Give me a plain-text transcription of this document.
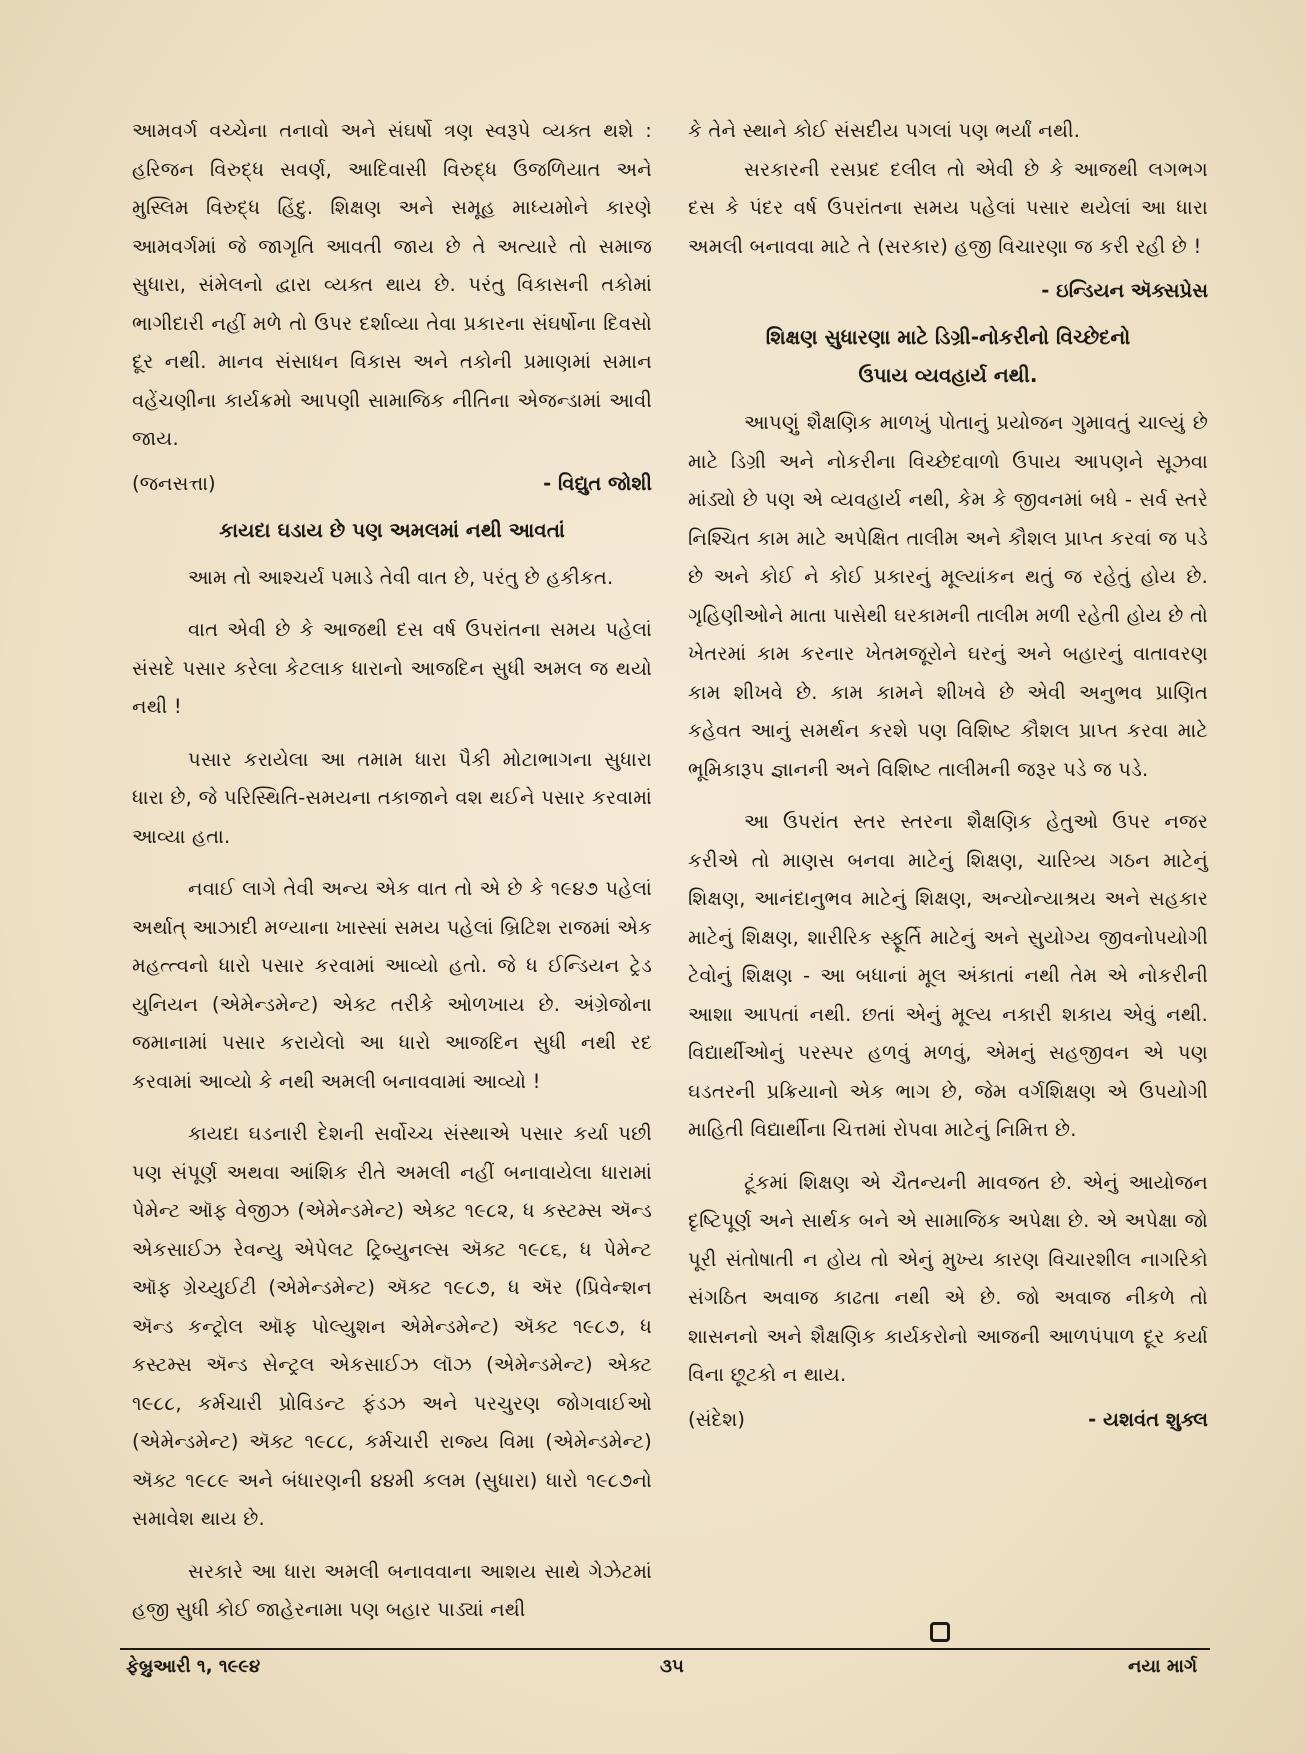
આમવર્ગ વચ્ચેના તનાવો અને સંઘર્ષો ત્રણ સ્વરૂપે વ્યક્ત થશે : હરિજન વિરુદ્ધ સવર્ણ, આદિવાસી વિરુદ્ધ ઉજળિયાત અને મુસ્લિમ વિરુદ્ધ હિંદુ. શિક્ષણ અને સમૂહ માધ્યમોને કારણે આમવર્ગમાં જે જાગૃતિ આવતી જાય છે તે અત્યારે તો સમાજ સુધારા, સંમેલનો દ્વારા વ્યક્ત થાય છે. પરંતુ વિકાસની તકોમાં ભાગીદારી નહીં મળે તો ઉપર દર્શાવ્યા તેવા પ્રકારના સંઘર્ષોના દિવસો દૂર નથી. માનવ સંસાધન વિકાસ અને તકોની પ્રમાણમાં સમાન વહેંચણીના કાર્યક્રમો આપણી સામાજિક નીતિના એજન્ડામાં આવી જાય.

(જનસત્તા)	- વિદ્યુત જોશી
કાયદા ઘડાય છે પણ અમલમાં નથી આવતાં

આમ તો આશ્ચર્ય પમાડે તેવી વાત છે, પરંતુ છે હકીકત.

વાત એવી છે કે આજથી દસ વર્ષ ઉપરાંતના સમય પહેલાં સંસદે પસાર કરેલા કેટલાક ધારાનો આજદિન સુધી અમલ જ થયો નથી !

પસાર કરાયેલા આ તમામ ધારા પૈકી મોટાભાગના સુધારા ધારા છે, જે પરિસ્થિતિ-સમયના તકાજાને વશ થઈને પસાર કરવામાં આવ્યા હતા.

નવાઈ લાગે તેવી અન્ય એક વાત તો એ છે કે ૧૯૪૭ પહેલાં અર્થાત્ આઝાદી મળ્યાના ખાસ્સાં સમય પહેલાં બ્રિટિશ રાજમાં એક મહત્ત્વનો ધારો પસાર કરવામાં આવ્યો હતો. જે ધ ઈન્ડિયન ટ્રેડ યુનિયન (એમેન્ડમેન્ટ) એક્ટ તરીકે ઓળખાય છે. અંગ્રેજોના જમાનામાં પસાર કરાયેલો આ ધારો આજદિન સુધી નથી રદ કરવામાં આવ્યો કે નથી અમલી બનાવવામાં આવ્યો !

કાયદા ઘડનારી દેશની સર્વોચ્ચ સંસ્થાએ પસાર કર્યા પછી પણ સંપૂર્ણ અથવા આંશિક રીતે અમલી નહીં બનાવાયેલા ધારામાં પેમેન્ટ ઑફ વેજીઝ (એમેન્ડમેન્ટ) એક્ટ ૧૯૮૨, ધ કસ્ટમ્સ ઍન્ડ એકસાઈઝ રેવન્યુ એપેલટ ટ્રિબ્યુનલ્સ ઍક્ટ ૧૯૮૬, ધ પેમેન્ટ ઑફ ગ્રેચ્યુઈટી (એમેન્ડમેન્ટ) ઍક્ટ ૧૯૮૭, ધ ઍર (પ્રિવેન્શન ઍન્ડ કન્ટ્રોલ ઑફ પોલ્યુશન એમેન્ડમેન્ટ) ઍક્ટ ૧૯૮૭, ધ કસ્ટમ્સ ઍન્ડ સેન્ટ્રલ એકસાઈઝ લૉઝ (એમેન્ડમેન્ટ) એક્ટ ૧૯૮૮, કર્મચારી પ્રોવિડન્ટ ફંડઝ અને પરચુરણ જોગવાઈઓ (એમેન્ડમેન્ટ) ઍક્ટ ૧૯૮૮, કર્મચારી રાજ્ય વિમા (એમેન્ડમેન્ટ) ઍક્ટ ૧૯૮૯ અને બંધારણની ૪૪મી કલમ (સુધારા) ધારો ૧૯૮૭નો સમાવેશ થાય છે.

સરકારે આ ધારા અમલી બનાવવાના આશય સાથે ગેઝેટમાં હજી સુધી કોઈ જાહેરનામા પણ બહાર પાડ્યાં નથી

કે તેને સ્થાને કોઈ સંસદીય પગલાં પણ ભર્યાં નથી.

સરકારની રસપ્રદ દલીલ તો એવી છે કે આજથી લગભગ દસ કે પંદર વર્ષ ઉપરાંતના સમય પહેલાં પસાર થયેલાં આ ધારા અમલી બનાવવા માટે તે (સરકાર) હજી વિચારણા જ કરી રહી છે !

- ઇન્ડિયન ઍક્સપ્રેસ
શિક્ષણ સુધારણા માટે ડિગ્રી-નોકરીનો વિચ્છેદનો
ઉપાય વ્યવહાર્ય નથી.

આપણું શૈક્ષણિક માળખું પોતાનું પ્રયોજન ગુમાવતું ચાલ્યું છે માટે ડિગ્રી અને નોકરીના વિચ્છેદવાળો ઉપાય આપણને સૂઝવા માંડ્યો છે પણ એ વ્યવહાર્ય નથી, કેમ કે જીવનમાં બધે - સર્વ સ્તરે નિશ્ચિત કામ માટે અપેક્ષિત તાલીમ અને કૌશલ પ્રાપ્ત કરવાં જ પડે છે અને કોઈ ને કોઈ પ્રકારનું મૂલ્યાંકન થતું જ રહેતું હોય છે. ગૃહિણીઓને માતા પાસેથી ઘરકામની તાલીમ મળી રહેતી હોય છે તો ખેતરમાં કામ કરનાર ખેતમજૂરોને ઘરનું અને બહારનું વાતાવરણ કામ શીખવે છે. કામ કામને શીખવે છે એવી અનુભવ પ્રાણિત કહેવત આનું સમર્થન કરશે પણ વિશિષ્ટ કૌશલ પ્રાપ્ત કરવા માટે ભૂમિકારૂપ જ્ઞાનની અને વિશિષ્ટ તાલીમની જરૂર પડે જ પડે.

આ ઉપરાંત સ્તર સ્તરના શૈક્ષણિક હેતુઓ ઉપર નજર કરીએ તો માણસ બનવા માટેનું શિક્ષણ, ચારિત્ર્ય ગઠન માટેનું શિક્ષણ, આનંદાનુભવ માટેનું શિક્ષણ, અન્યોન્યાશ્રય અને સહકાર માટેનું શિક્ષણ, શારીરિક સ્ફૂર્તિ માટેનું અને સુયોગ્ય જીવનોપયોગી ટેવોનું શિક્ષણ - આ બધાનાં મૂલ અંકાતાં નથી તેમ એ નોકરીની આશા આપતાં નથી. છતાં એનું મૂલ્ય નકારી શકાય એવું નથી. વિદ્યાર્થીઓનું પરસ્પર હળવું મળવું, એમનું સહજીવન એ પણ ઘડતરની પ્રક્રિયાનો એક ભાગ છે, જેમ વર્ગશિક્ષણ એ ઉપયોગી માહિતી વિદ્યાર્થીના ચિત્તમાં રોપવા માટેનું નિમિત્ત છે.

ટૂંકમાં શિક્ષણ એ ચૈતન્યની માવજત છે. એનું આયોજન દૃષ્ટિપૂર્ણ અને સાર્થક બને એ સામાજિક અપેક્ષા છે. એ અપેક્ષા જો પૂરી સંતોષાતી ન હોય તો એનું મુખ્ય કારણ વિચારશીલ નાગરિકો સંગઠિત અવાજ કાઢતા નથી એ છે. જો અવાજ નીકળે તો શાસનનો અને શૈક્ષણિક કાર્યકરોનો આજની આળપંપાળ દૂર કર્યા વિના છૂટકો ન થાય.

(સંદેશ)	- યશવંત શુક્લ
ફેબ્રુઆરી ૧, ૧૯૯૪	૩૫	નયા માર્ગ
